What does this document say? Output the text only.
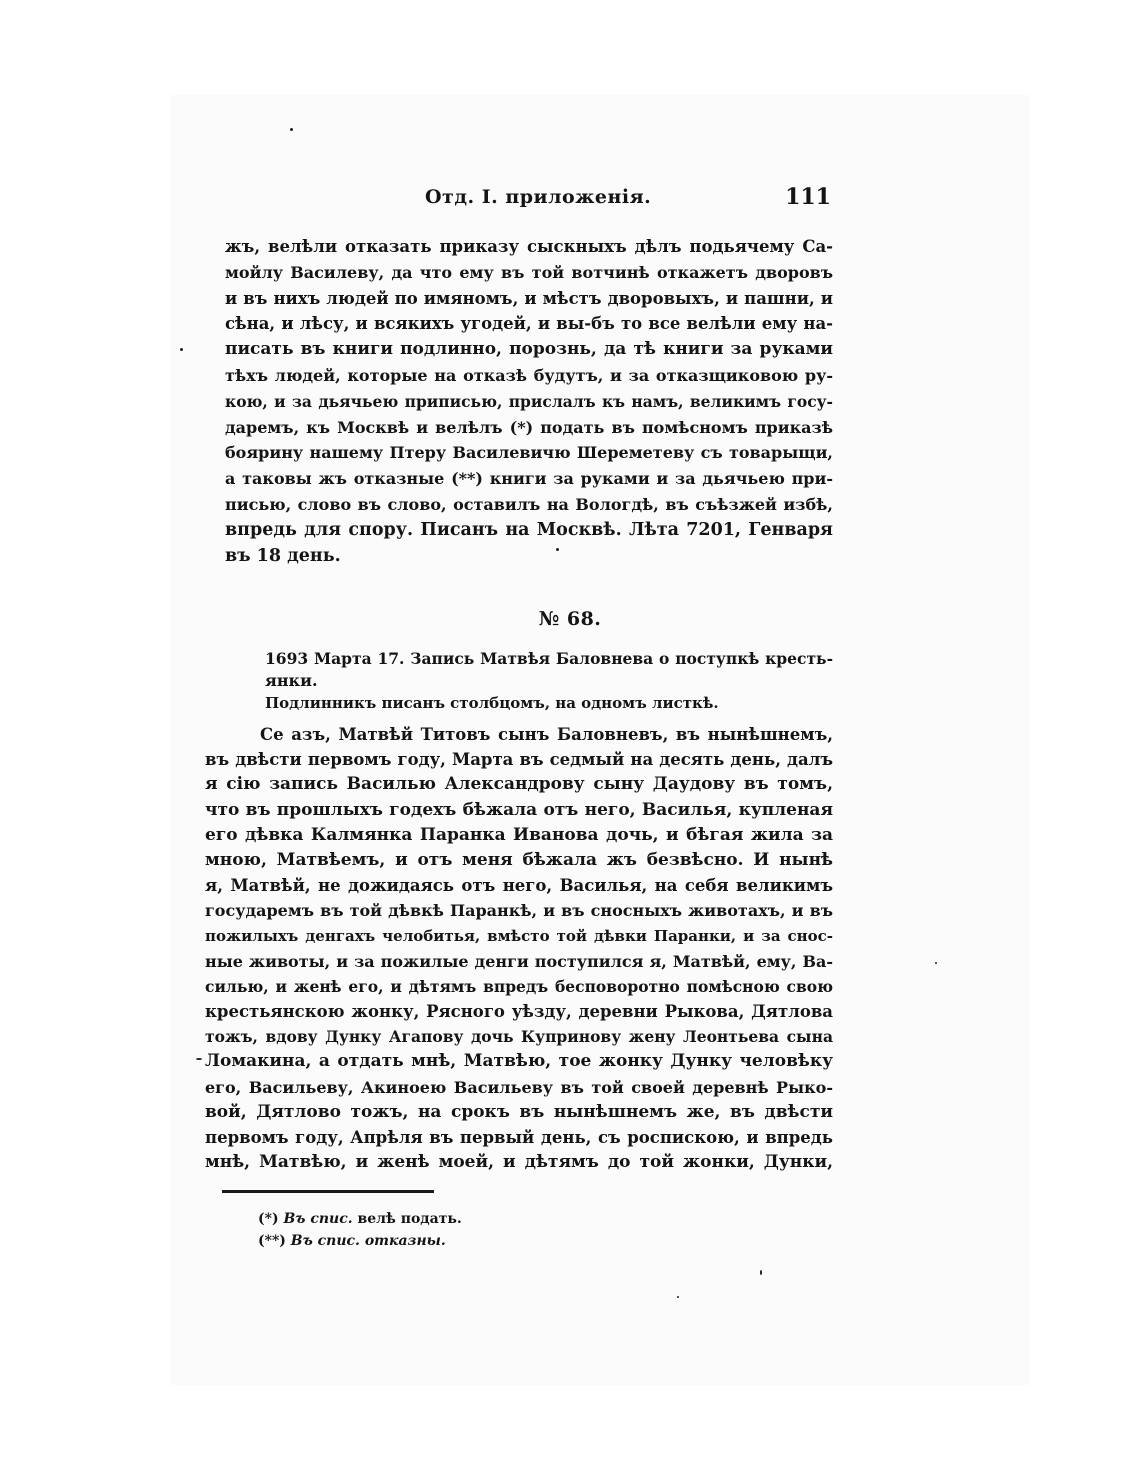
Отд. I. приложенія.	111
жъ, велѣли отказать приказу сыскныхъ дѣлъ подьячему Са-
мойлу Василеву, да что ему въ той вотчинѣ откажетъ дворовъ
и въ нихъ людей по имяномъ, и мѣстъ дворовыхъ, и пашни, и
сѣна, и лѣсу, и всякихъ угодей, и вы-бъ то все велѣли ему на-
писать въ книги подлинно, порознь, да тѣ книги за руками
тѣхъ людей, которые на отказѣ будутъ, и за отказщиковою ру-
кою, и за дьячьею приписью, прислалъ къ намъ, великимъ госу-
даремъ, къ Москвѣ и велѣлъ (*) подать въ помѣсномъ приказѣ
боярину нашему Птеру Василевичю Шереметеву съ товарыщи,
а таковы жъ отказные (**) книги за руками и за дьячьею при-
писью, слово въ слово, оставилъ на Вологдѣ, въ съѣзжей избѣ,
впредь для спору. Писанъ на Москвѣ. Лѣта 7201, Генваря
въ 18 день.
№ 68.
1693 Марта 17. Запись Матвѣя Баловнева о поступкѣ кресть-
янки.
Подлинникъ писанъ столбцомъ, на одномъ листкѣ.
Се азъ, Матвѣй Титовъ сынъ Баловневъ, въ нынѣшнемъ,
въ двѣсти первомъ году, Марта въ седмый на десять день, далъ
я сію запись Василью Александрову сыну Даудову въ томъ,
что въ прошлыхъ годехъ бѣжала отъ него, Василья, купленая
его дѣвка Калмянка Паранка Иванова дочь, и бѣгая жила за
мною, Матвѣемъ, и отъ меня бѣжала жъ безвѣсно. И нынѣ
я, Матвѣй, не дожидаясь отъ него, Василья, на себя великимъ
государемъ въ той дѣвкѣ Паранкѣ, и въ сносныхъ животахъ, и въ
пожилыхъ денгахъ челобитья, вмѣсто той дѣвки Паранки, и за снос-
ные животы, и за пожилые денги поступился я, Матвѣй, ему, Ва-
силью, и женѣ его, и дѣтямъ впредъ бесповоротно помѣсною свою
крестьянскою жонку, Рясного уѣзду, деревни Рыкова, Дятлова
тожъ, вдову Дунку Агапову дочь Купринову жену Леонтьева сына
Ломакина, а отдать мнѣ, Матвѣю, тое жонку Дунку человѣку
его, Васильеву, Акиноею Васильеву въ той своей деревнѣ Рыко-
вой, Дятлово тожъ, на срокъ въ нынѣшнемъ же, въ двѣсти
первомъ году, Апрѣля въ первый день, съ роспискою, и впредь
мнѣ, Матвѣю, и женѣ моей, и дѣтямъ до той жонки, Дунки,
(*) Въ спис. велѣ подать.
(**) Въ спис. отказны.
